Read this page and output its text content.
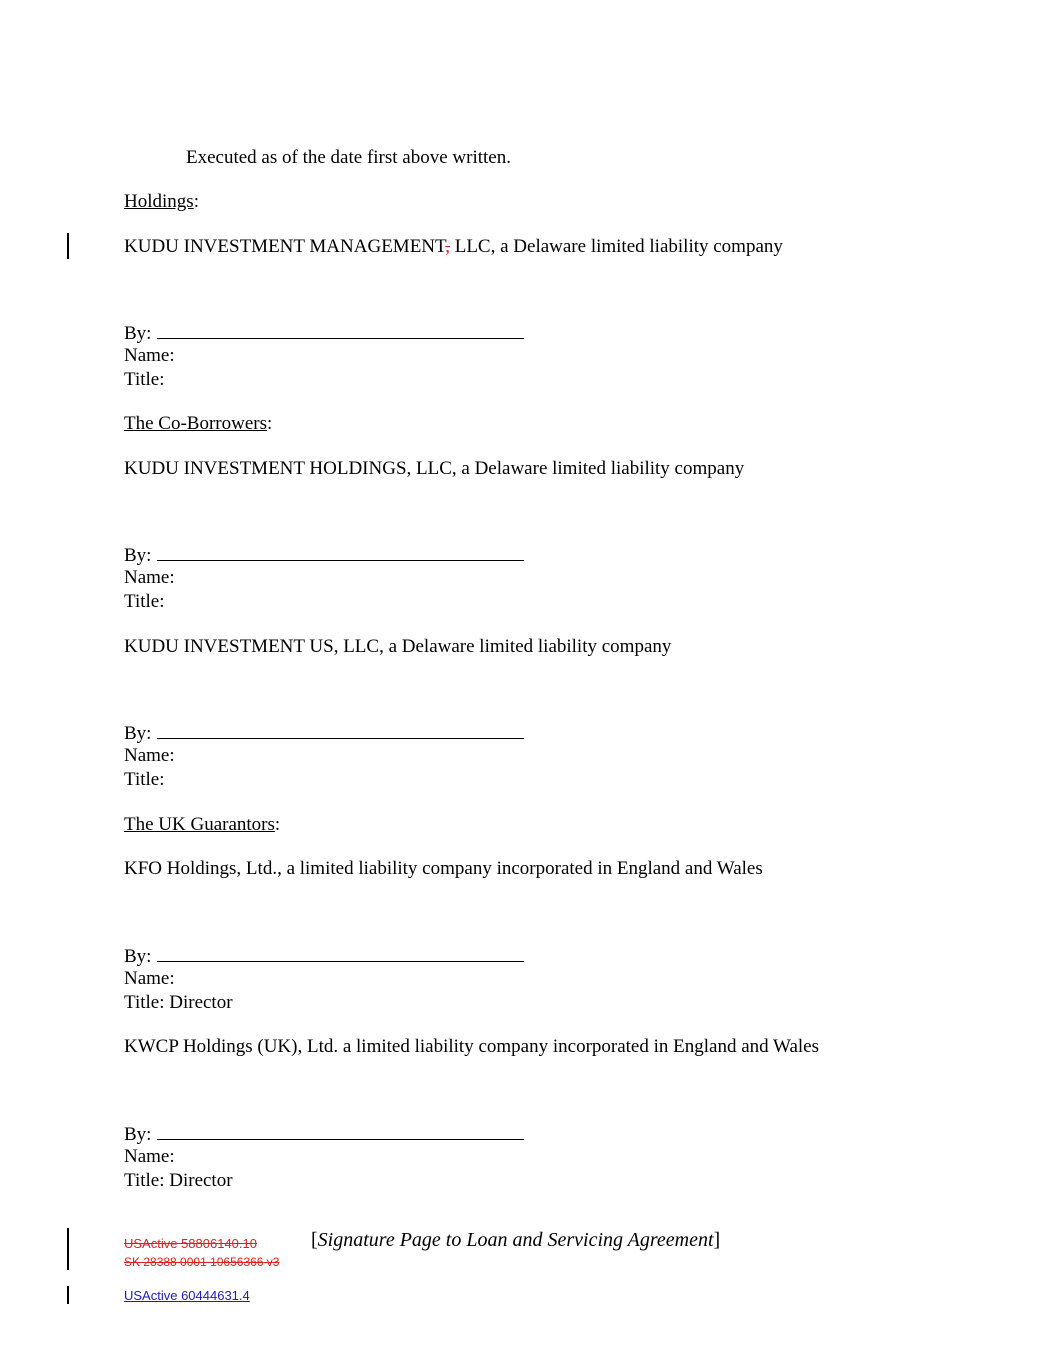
Executed as of the date first above written.
Holdings:
KUDU INVESTMENT MANAGEMENT, LLC, a Delaware limited liability company
By:
Name:
Title:
The Co-Borrowers:
KUDU INVESTMENT HOLDINGS, LLC, a Delaware limited liability company
By:
Name:
Title:
KUDU INVESTMENT US, LLC, a Delaware limited liability company
By:
Name:
Title:
The UK Guarantors:
KFO Holdings, Ltd., a limited liability company incorporated in England and Wales
By:
Name:
Title: Director
KWCP Holdings (UK), Ltd. a limited liability company incorporated in England and Wales
By:
Name:
Title: Director
USActive 58806140.10
SK 28388 0001 10656366 v3
[Signature Page to Loan and Servicing Agreement]
USActive 60444631.4
